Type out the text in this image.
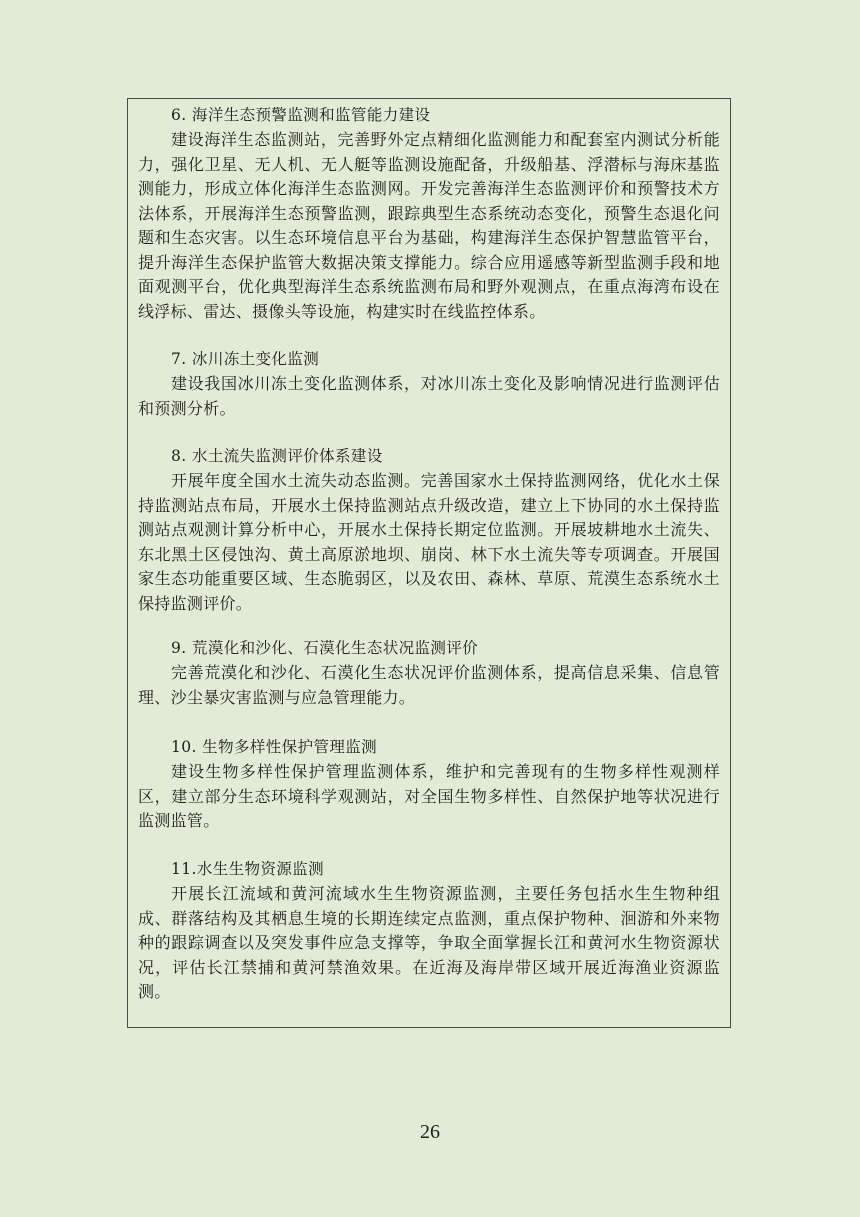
6. 海洋生态预警监测和监管能力建设
建设海洋生态监测站，完善野外定点精细化监测能力和配套室内测试分析能力，强化卫星、无人机、无人艇等监测设施配备，升级船基、浮潜标与海床基监测能力，形成立体化海洋生态监测网。开发完善海洋生态监测评价和预警技术方法体系，开展海洋生态预警监测，跟踪典型生态系统动态变化，预警生态退化问题和生态灾害。以生态环境信息平台为基础，构建海洋生态保护智慧监管平台，提升海洋生态保护监管大数据决策支撑能力。综合应用遥感等新型监测手段和地面观测平台，优化典型海洋生态系统监测布局和野外观测点，在重点海湾布设在线浮标、雷达、摄像头等设施，构建实时在线监控体系。
7. 冰川冻土变化监测
建设我国冰川冻土变化监测体系，对冰川冻土变化及影响情况进行监测评估和预测分析。
8. 水土流失监测评价体系建设
开展年度全国水土流失动态监测。完善国家水土保持监测网络，优化水土保持监测站点布局，开展水土保持监测站点升级改造，建立上下协同的水土保持监测站点观测计算分析中心，开展水土保持长期定位监测。开展坡耕地水土流失、东北黑土区侵蚀沟、黄土高原淤地坝、崩岗、林下水土流失等专项调查。开展国家生态功能重要区域、生态脆弱区，以及农田、森林、草原、荒漠生态系统水土保持监测评价。
9. 荒漠化和沙化、石漠化生态状况监测评价
完善荒漠化和沙化、石漠化生态状况评价监测体系，提高信息采集、信息管理、沙尘暴灾害监测与应急管理能力。
10. 生物多样性保护管理监测
建设生物多样性保护管理监测体系，维护和完善现有的生物多样性观测样区，建立部分生态环境科学观测站，对全国生物多样性、自然保护地等状况进行监测监管。
11.水生生物资源监测
开展长江流域和黄河流域水生生物资源监测，主要任务包括水生生物种组成、群落结构及其栖息生境的长期连续定点监测，重点保护物种、洄游和外来物种的跟踪调查以及突发事件应急支撑等，争取全面掌握长江和黄河水生物资源状况，评估长江禁捕和黄河禁渔效果。在近海及海岸带区域开展近海渔业资源监测。
26
